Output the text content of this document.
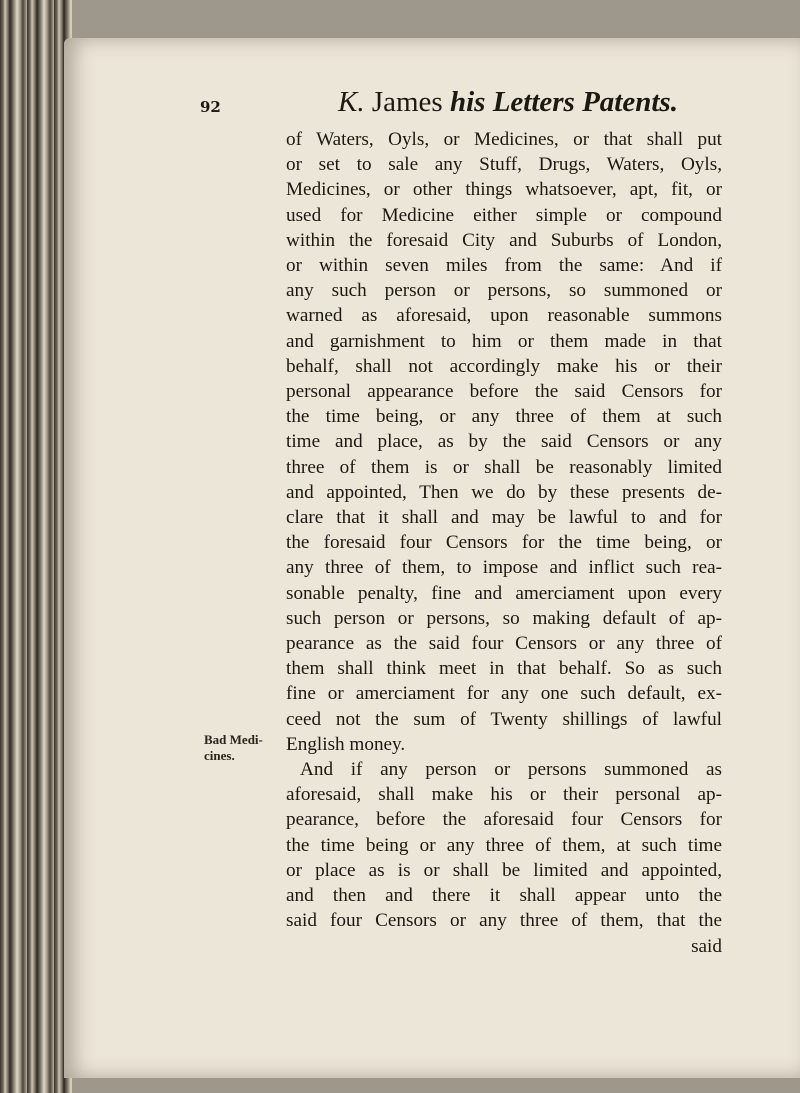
92	K. James his Letters Patents.
Bad Medi-
cines.
of Waters, Oyls, or Medicines, or that shall put
or set to sale any Stuff, Drugs, Waters, Oyls,
Medicines, or other things whatsoever, apt, fit, or
used for Medicine either simple or compound
within the foresaid City and Suburbs of London,
or within seven miles from the same: And if
any such person or persons, so summoned or
warned as aforesaid, upon reasonable summons
and garnishment to him or them made in that
behalf, shall not accordingly make his or their
personal appearance before the said Censors for
the time being, or any three of them at such
time and place, as by the said Censors or any
three of them is or shall be reasonably limited
and appointed, Then we do by these presents de-
clare that it shall and may be lawful to and for
the foresaid four Censors for the time being, or
any three of them, to impose and inflict such rea-
sonable penalty, fine and amerciament upon every
such person or persons, so making default of ap-
pearance as the said four Censors or any three of
them shall think meet in that behalf. So as such
fine or amerciament for any one such default, ex-
ceed not the sum of Twenty shillings of lawful
English money.
And if any person or persons summoned as
aforesaid, shall make his or their personal ap-
pearance, before the aforesaid four Censors for
the time being or any three of them, at such time
or place as is or shall be limited and appointed,
and then and there it shall appear unto the
said four Censors or any three of them, that the
said
